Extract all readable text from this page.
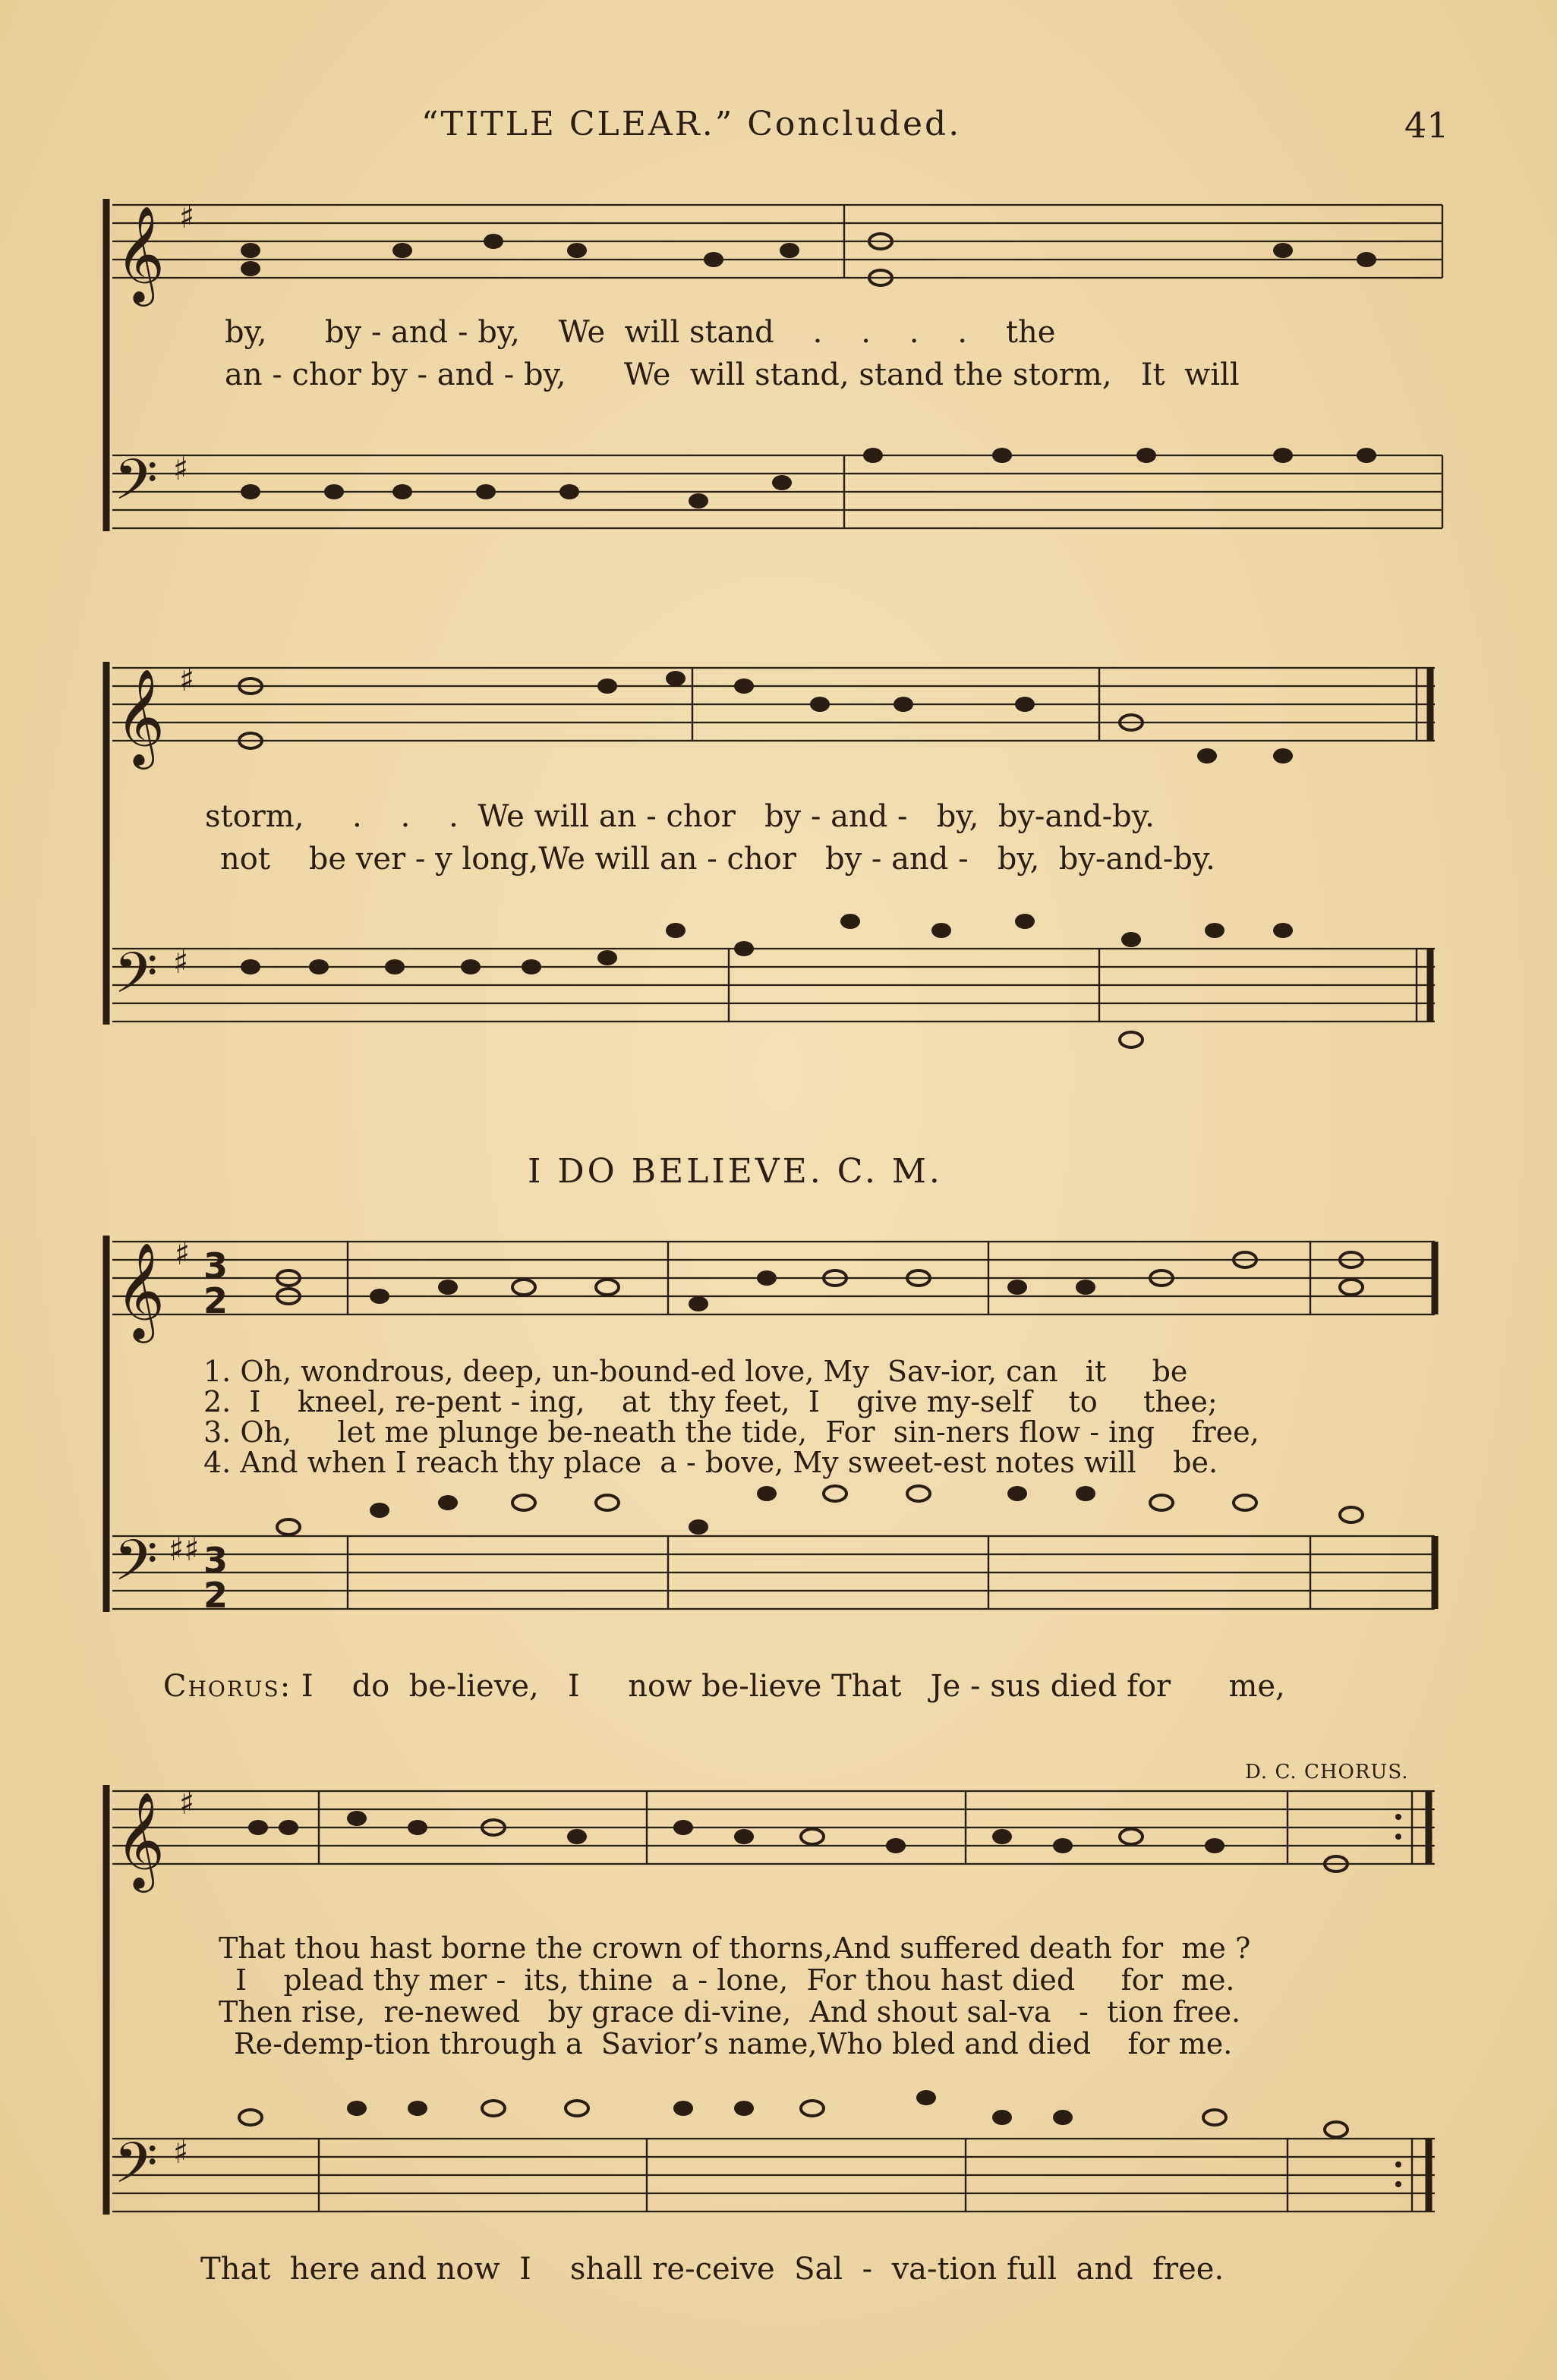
“TITLE CLEAR.” Concluded.	41
𝄞 ♯
𝄢 ♯
𝄞 ♯
𝄢 ♯
𝄞 ♯ 3
2
𝄢 ♯♯ 3
2
𝄞 ♯
𝄢 ♯
by,      by - and - by,    We  will stand    .    .    .    .    the
an - chor by - and - by,      We  will stand, stand the storm,   It  will
storm,     .    .    .  We will an - chor   by - and -   by,  by-and-by.
not    be ver - y long,We will an - chor   by - and -   by,  by-and-by.
I DO BELIEVE. C. M.
1. Oh, wondrous, deep, un-bound-ed love, My  Sav-ior, can   it     be
2.  I    kneel, re-pent - ing,    at  thy feet,  I    give my-self    to     thee;
3. Oh,     let me plunge be-neath the tide,  For  sin-ners flow - ing    free,
4. And when I reach thy place  a - bove, My sweet-est notes will    be.

Chorus: I    do  be-lieve,   I     now be-lieve That   Je - sus died for      me,

D. C. CHORUS.
That thou hast borne the crown of thorns,And suffered death for  me ?
I    plead thy mer -  its, thine  a - lone,  For thou hast died     for  me.
Then rise,  re-newed   by grace di-vine,  And shout sal-va   -  tion free.
Re-demp-tion through a  Savior’s name,Who bled and died    for me.
That  here and now  I    shall re-ceive  Sal  -  va-tion full  and  free.
